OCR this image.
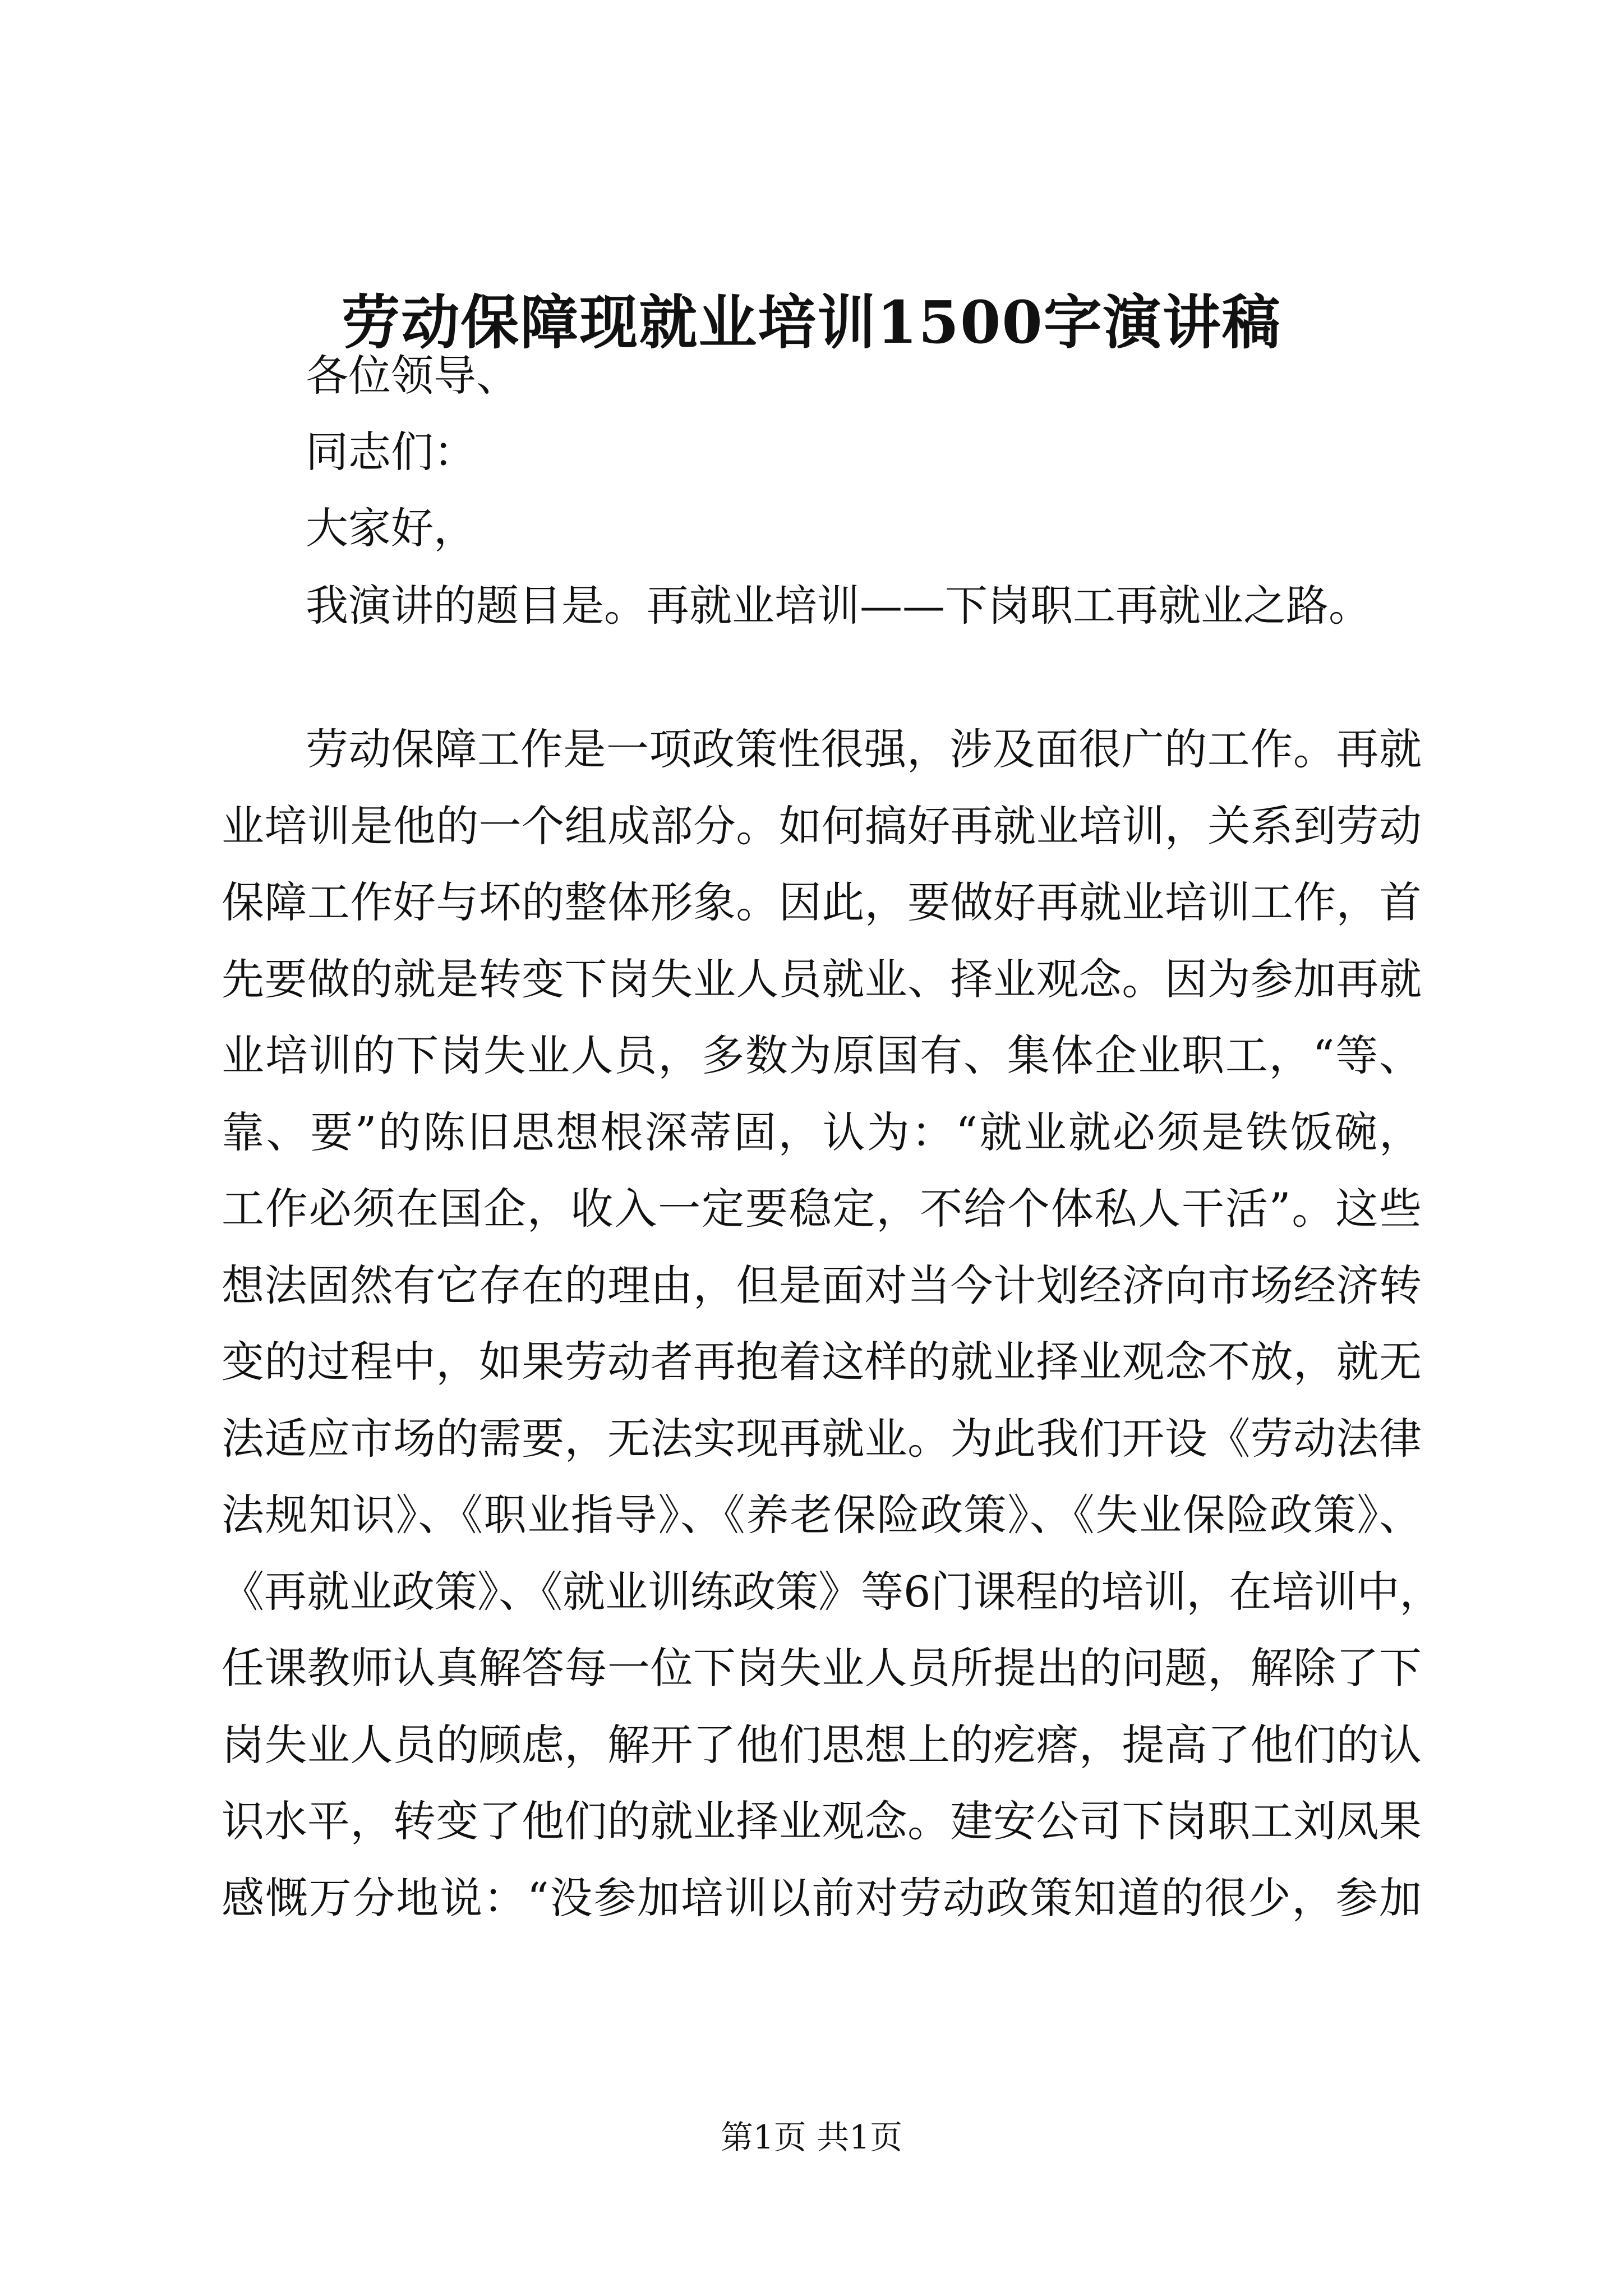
劳动保障现就业培训1500字演讲稿

各位领导、

同志们：

大家好，

我演讲的题目是。再就业培训——下岗职工再就业之路。

劳动保障工作是一项政策性很强，涉及面很广的工作。再就
业培训是他的一个组成部分。如何搞好再就业培训，关系到劳动
保障工作好与坏的整体形象。因此，要做好再就业培训工作，首
先要做的就是转变下岗失业人员就业、择业观念。因为参加再就
业培训的下岗失业人员，多数为原国有、集体企业职工，“等、
靠、要”的陈旧思想根深蒂固，认为：“就业就必须是铁饭碗，
工作必须在国企，收入一定要稳定，不给个体私人干活”。这些
想法固然有它存在的理由，但是面对当今计划经济向市场经济转
变的过程中，如果劳动者再抱着这样的就业择业观念不放，就无
法适应市场的需要，无法实现再就业。为此我们开设《劳动法律
法规知识》、《职业指导》、《养老保险政策》、《失业保险政策》、
《再就业政策》、《就业训练政策》等6门课程的培训，在培训中，
任课教师认真解答每一位下岗失业人员所提出的问题，解除了下
岗失业人员的顾虑，解开了他们思想上的疙瘩，提高了他们的认
识水平，转变了他们的就业择业观念。建安公司下岗职工刘凤果
感慨万分地说：“没参加培训以前对劳动政策知道的很少，参加

第1页 共1页
